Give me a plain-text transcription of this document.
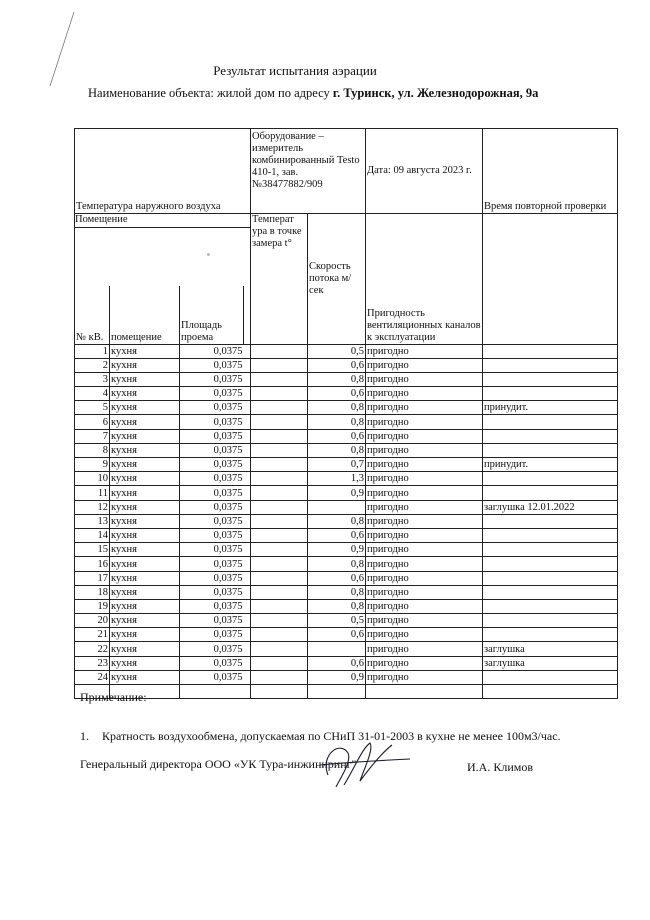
Результат испытания аэрации
Наименование объекта: жилой дом по адресу г. Туринск, ул. Железнодорожная, 9а
Температура наружного воздуха				Оборудование – измеритель комбинированный Testo 410-1, зав. №38477882/909		Дата: 09 августа 2023 г.	Время повторной проверки

Помещение				Температ ура в точке замера t°	Скорость потока м/сек	Пригодность вентиляционных каналов к эксплуатации	
№ кВ.	помещение	Площадь проема					
1	кухня	0,0375			0,5	пригодно	
2	кухня	0,0375			0,6	пригодно	
3	кухня	0,0375			0,8	пригодно	
4	кухня	0,0375			0,6	пригодно	
5	кухня	0,0375			0,8	пригодно	принудит.
6	кухня	0,0375			0,8	пригодно	
7	кухня	0,0375			0,6	пригодно	
8	кухня	0,0375			0,8	пригодно	
9	кухня	0,0375			0,7	пригодно	принудит.
10	кухня	0,0375			1,3	пригодно	
11	кухня	0,0375			0,9	пригодно	
12	кухня	0,0375				пригодно	заглушка 12.01.2022
13	кухня	0,0375			0,8	пригодно	
14	кухня	0,0375			0,6	пригодно	
15	кухня	0,0375			0,9	пригодно	
16	кухня	0,0375			0,8	пригодно	
17	кухня	0,0375			0,6	пригодно	
18	кухня	0,0375			0,8	пригодно	
19	кухня	0,0375			0,8	пригодно	
20	кухня	0,0375			0,5	пригодно	
21	кухня	0,0375			0,6	пригодно	
22	кухня	0,0375				пригодно	заглушка
23	кухня	0,0375			0,6	пригодно	заглушка
24	кухня	0,0375			0,9	пригодно	

Примечание:
1. Кратность воздухообмена, допускаемая по СНиП 31-01-2003 в кухне не менее 100м3/час.
Генеральный директора ООО «УК Тура-инжиниринг"	И.А. Климов
